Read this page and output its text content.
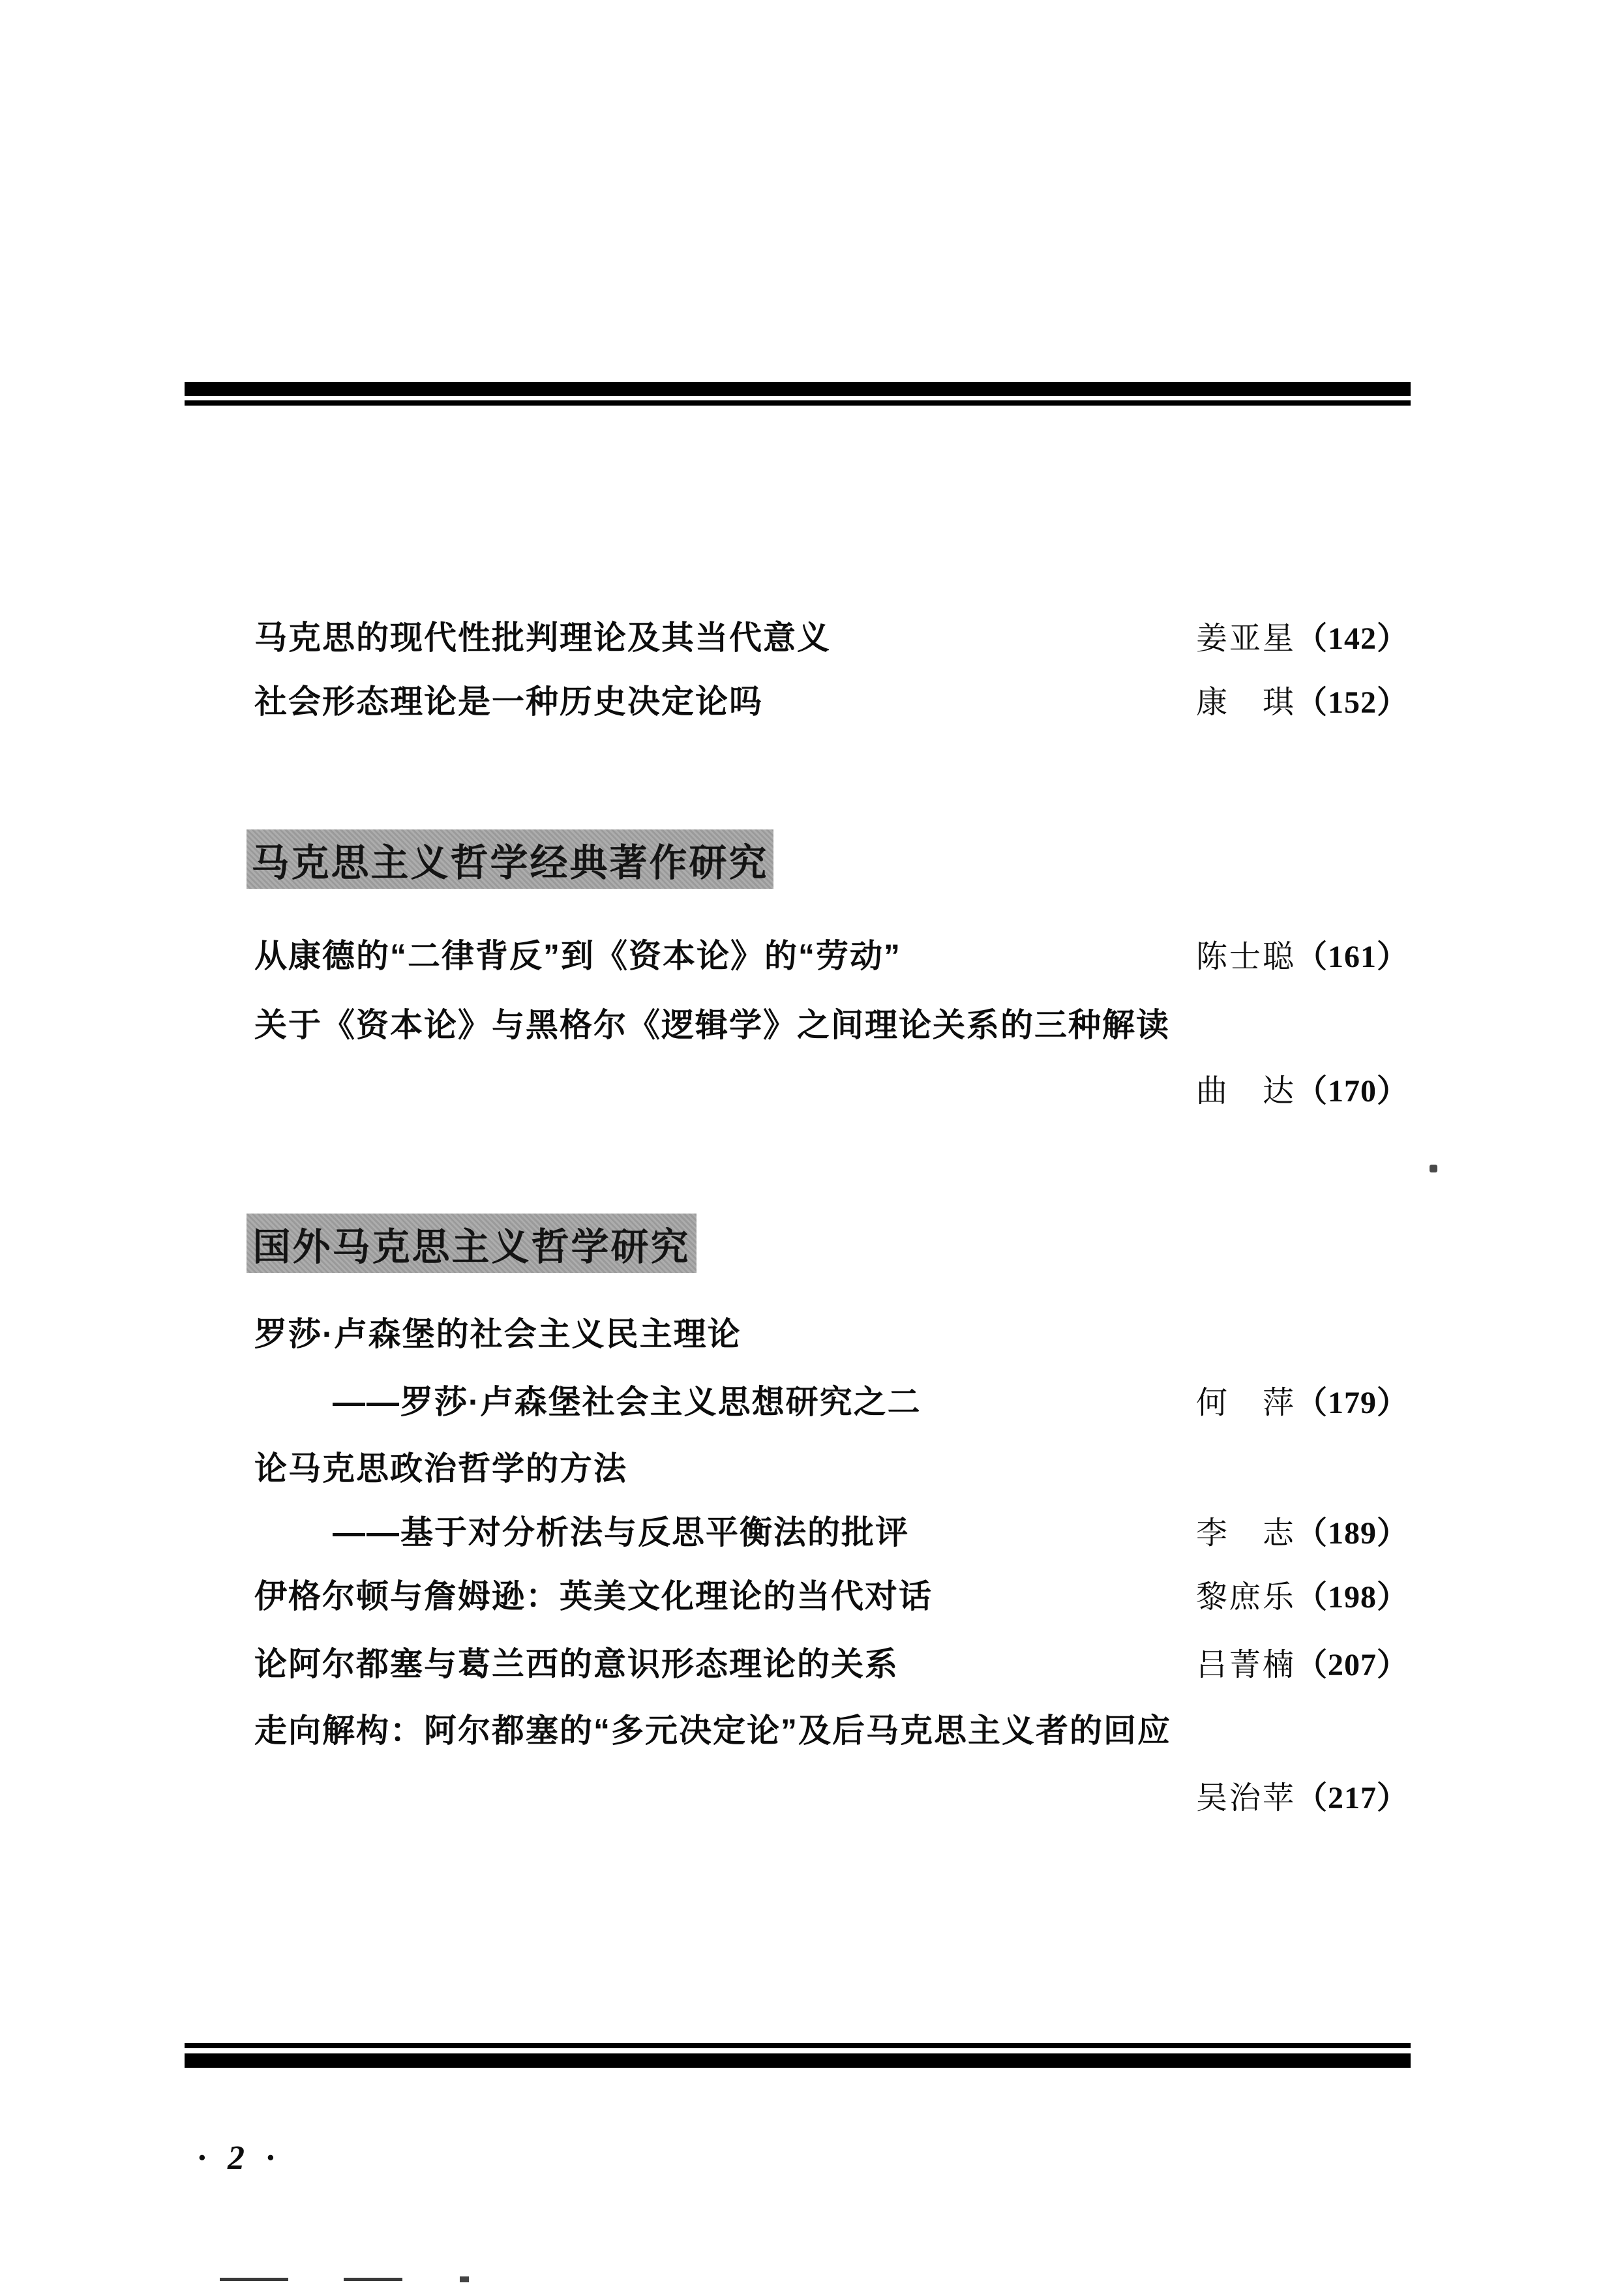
马克思的现代性批判理论及其当代意义	姜亚星 （142）
社会形态理论是一种历史决定论吗	康　琪 （152）
马克思主义哲学经典著作研究
从康德的“二律背反”到《资本论》的“劳动”	陈士聪 （161）
关于《资本论》与黑格尔《逻辑学》之间理论关系的三种解读
曲　达 （170）
国外马克思主义哲学研究
罗莎·卢森堡的社会主义民主理论
——罗莎·卢森堡社会主义思想研究之二	何　萍 （179）
论马克思政治哲学的方法
——基于对分析法与反思平衡法的批评	李　志 （189）
伊格尔顿与詹姆逊：英美文化理论的当代对话	黎庶乐 （198）
论阿尔都塞与葛兰西的意识形态理论的关系	吕菁楠 （207）
走向解构：阿尔都塞的“多元决定论”及后马克思主义者的回应
吴治苹 （217）
· 2 ·
